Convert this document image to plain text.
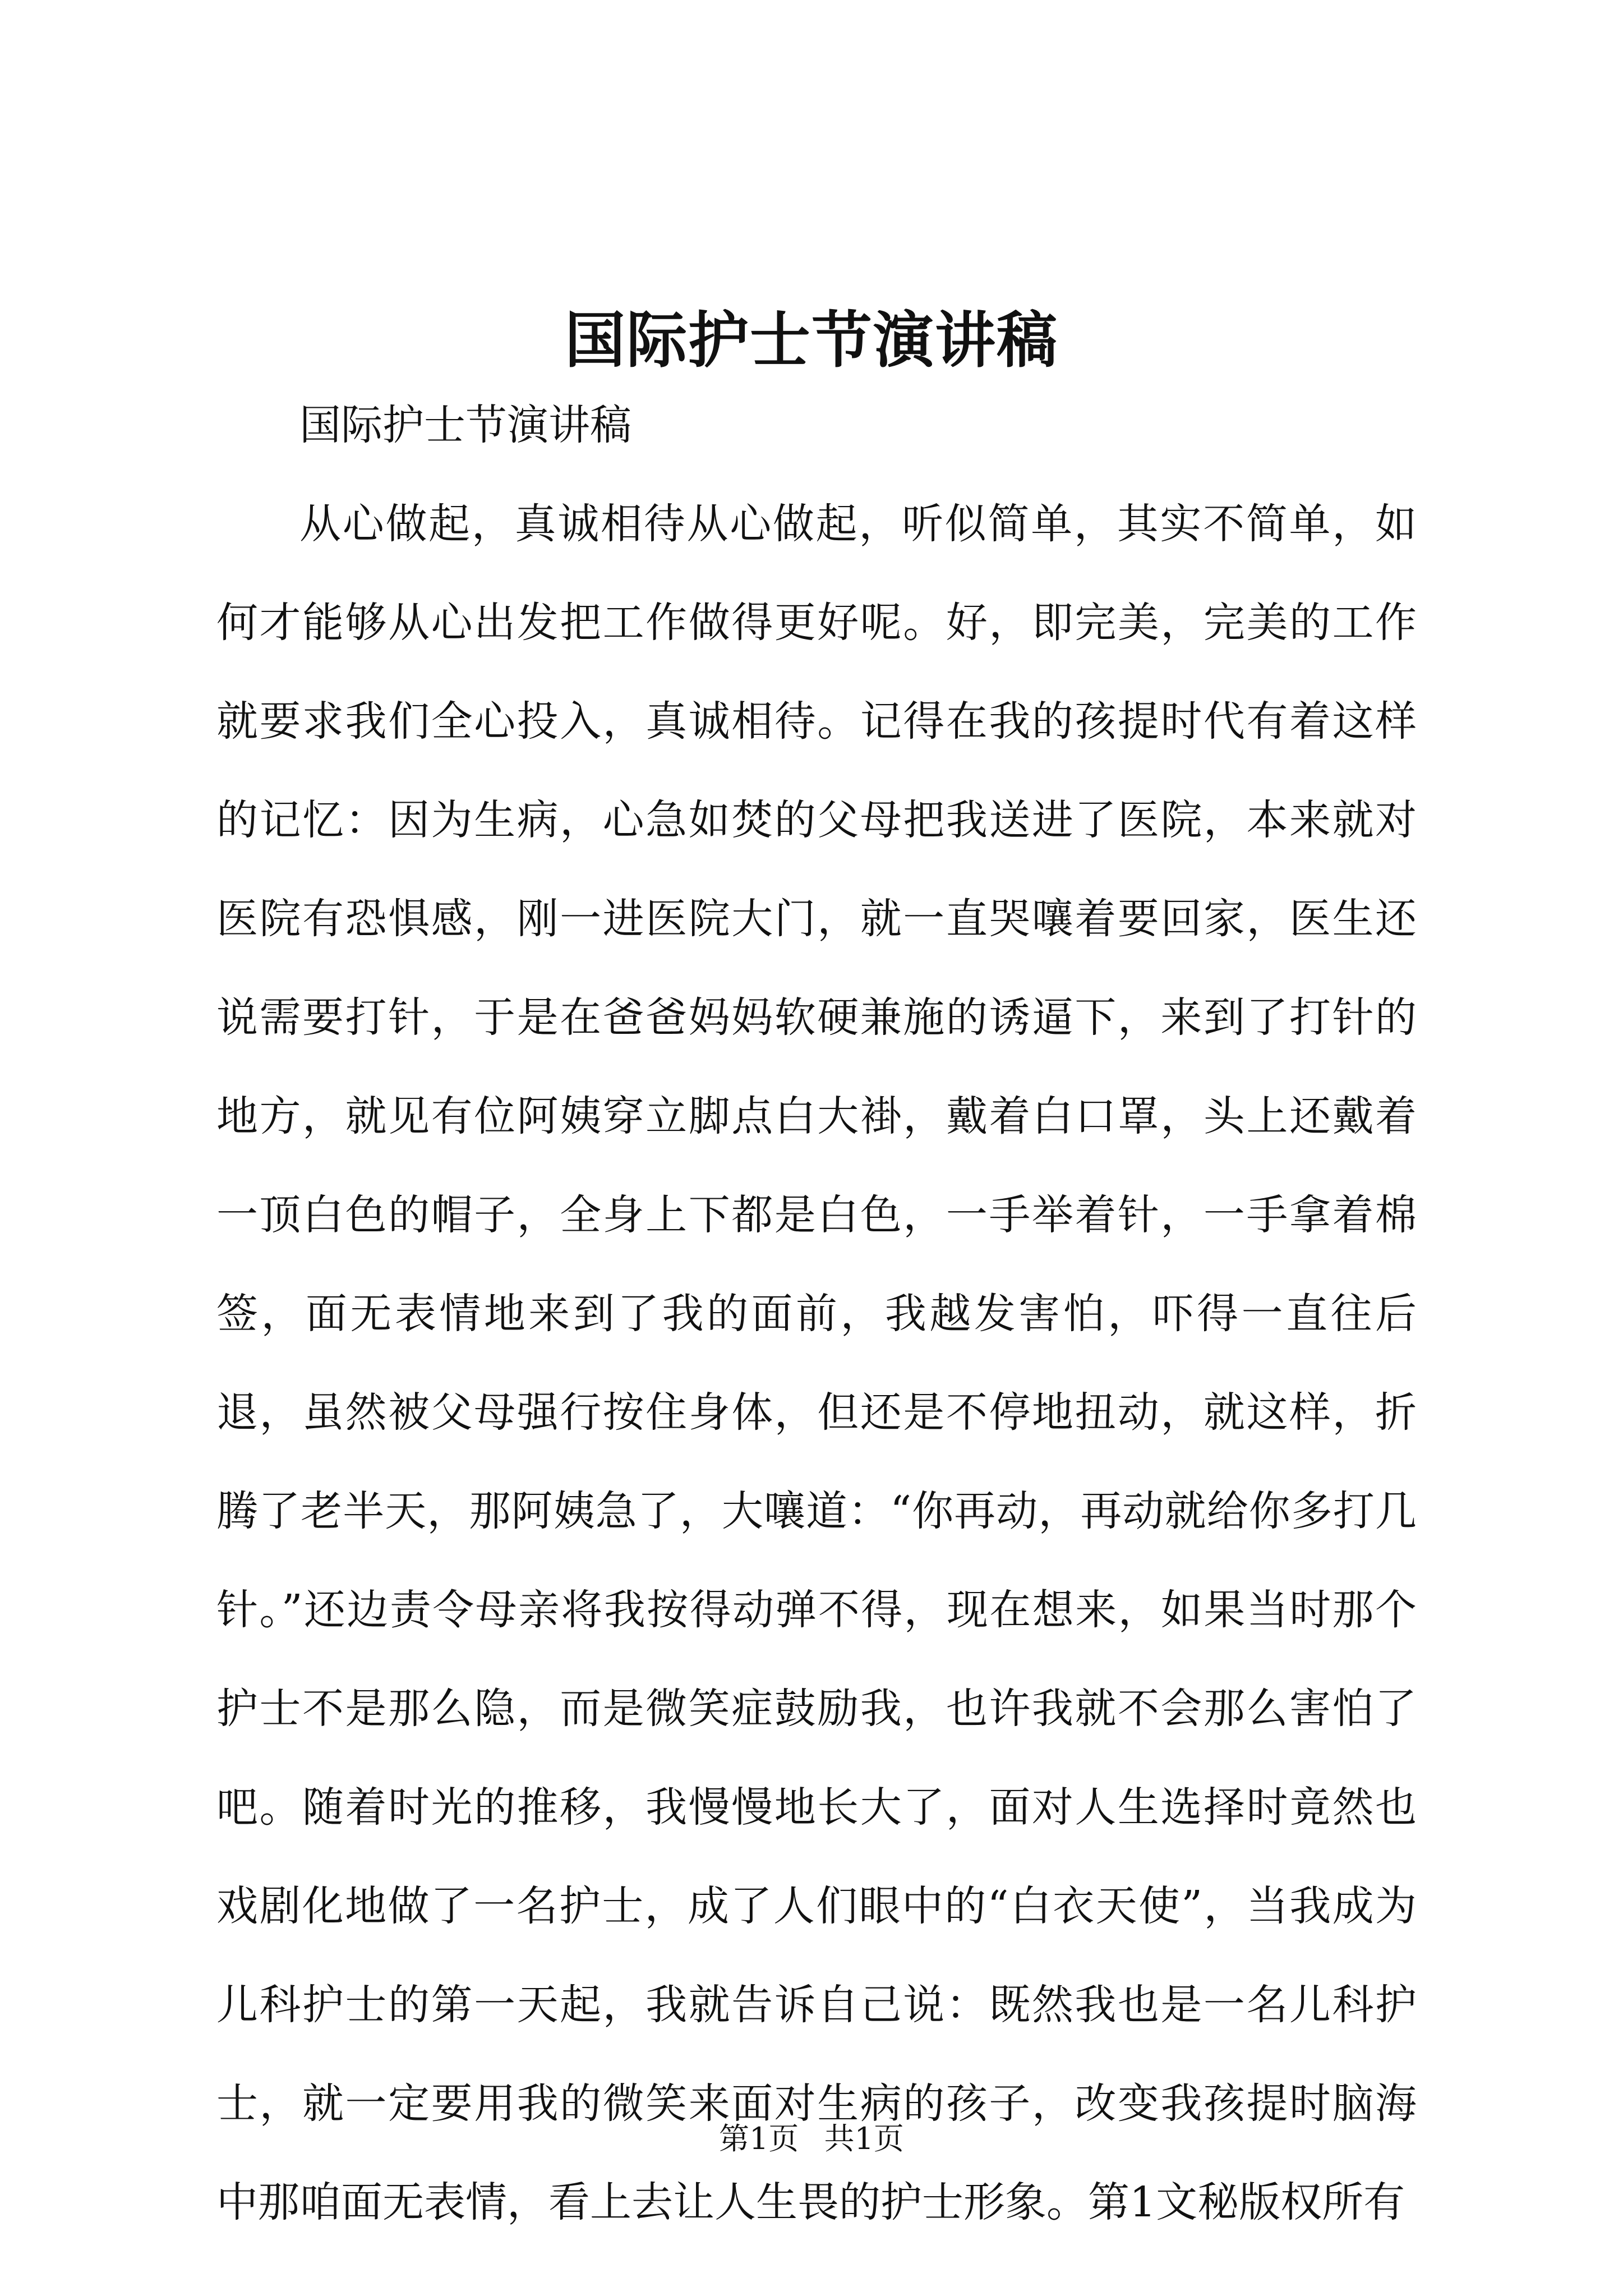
国际护士节演讲稿

国际护士节演讲稿

从心做起，真诚相待从心做起，听似简单，其实不简单，如何才能够从心出发把工作做得更好呢。好，即完美，完美的工作就要求我们全心投入，真诚相待。记得在我的孩提时代有着这样的记忆：因为生病，心急如焚的父母把我送进了医院，本来就对医院有恐惧感，刚一进医院大门，就一直哭嚷着要回家，医生还说需要打针，于是在爸爸妈妈软硬兼施的诱逼下，来到了打针的地方，就见有位阿姨穿立脚点白大褂，戴着白口罩，头上还戴着一顶白色的帽子，全身上下都是白色，一手举着针，一手拿着棉签，面无表情地来到了我的面前，我越发害怕，吓得一直往后退，虽然被父母强行按住身体，但还是不停地扭动，就这样，折腾了老半天，那阿姨急了，大嚷道：“你再动，再动就给你多打几针。”还边责令母亲将我按得动弹不得，现在想来，如果当时那个护士不是那么隐，而是微笑症鼓励我，也许我就不会那么害怕了吧。随着时光的推移，我慢慢地长大了，面对人生选择时竟然也戏剧化地做了一名护士，成了人们眼中的“白衣天使”，当我成为儿科护士的第一天起，我就告诉自己说：既然我也是一名儿科护士，就一定要用我的微笑来面对生病的孩子，改变我孩提时脑海中那咱面无表情，看上去让人生畏的护士形象。第1文秘版权所有

第1页 共1页
